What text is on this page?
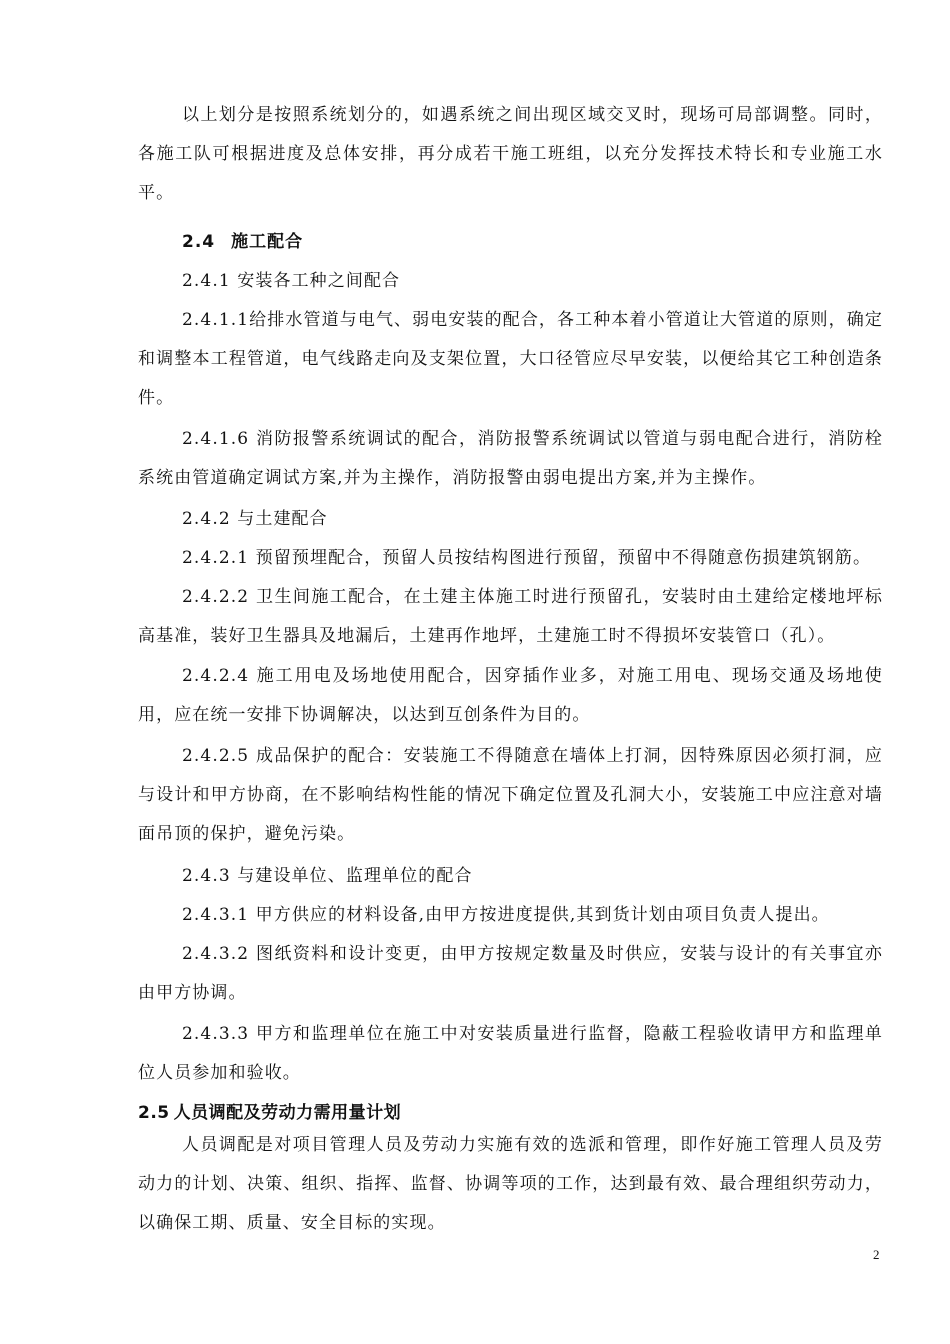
以上划分是按照系统划分的，如遇系统之间出现区域交叉时，现场可局部调整。同时，各施工队可根据进度及总体安排，再分成若干施工班组，以充分发挥技术特长和专业施工水平。

2.4 施工配合

2.4.1 安装各工种之间配合

2.4.1.1给排水管道与电气、弱电安装的配合，各工种本着小管道让大管道的原则，确定和调整本工程管道，电气线路走向及支架位置，大口径管应尽早安装，以便给其它工种创造条件。

2.4.1.6 消防报警系统调试的配合，消防报警系统调试以管道与弱电配合进行，消防栓系统由管道确定调试方案,并为主操作，消防报警由弱电提出方案,并为主操作。

2.4.2 与土建配合

2.4.2.1 预留预埋配合，预留人员按结构图进行预留，预留中不得随意伤损建筑钢筋。

2.4.2.2 卫生间施工配合，在土建主体施工时进行预留孔，安装时由土建给定楼地坪标高基准，装好卫生器具及地漏后，土建再作地坪，土建施工时不得损坏安装管口（孔）。

2.4.2.4 施工用电及场地使用配合，因穿插作业多，对施工用电、现场交通及场地使用，应在统一安排下协调解决，以达到互创条件为目的。

2.4.2.5 成品保护的配合：安装施工不得随意在墙体上打洞，因特殊原因必须打洞，应与设计和甲方协商，在不影响结构性能的情况下确定位置及孔洞大小，安装施工中应注意对墙面吊顶的保护，避免污染。

2.4.3 与建设单位、监理单位的配合

2.4.3.1 甲方供应的材料设备,由甲方按进度提供,其到货计划由项目负责人提出。

2.4.3.2 图纸资料和设计变更，由甲方按规定数量及时供应，安装与设计的有关事宜亦由甲方协调。

2.4.3.3 甲方和监理单位在施工中对安装质量进行监督，隐蔽工程验收请甲方和监理单位人员参加和验收。

2.5 人员调配及劳动力需用量计划

人员调配是对项目管理人员及劳动力实施有效的选派和管理，即作好施工管理人员及劳动力的计划、决策、组织、指挥、监督、协调等项的工作，达到最有效、最合理组织劳动力，以确保工期、质量、安全目标的实现。

2
